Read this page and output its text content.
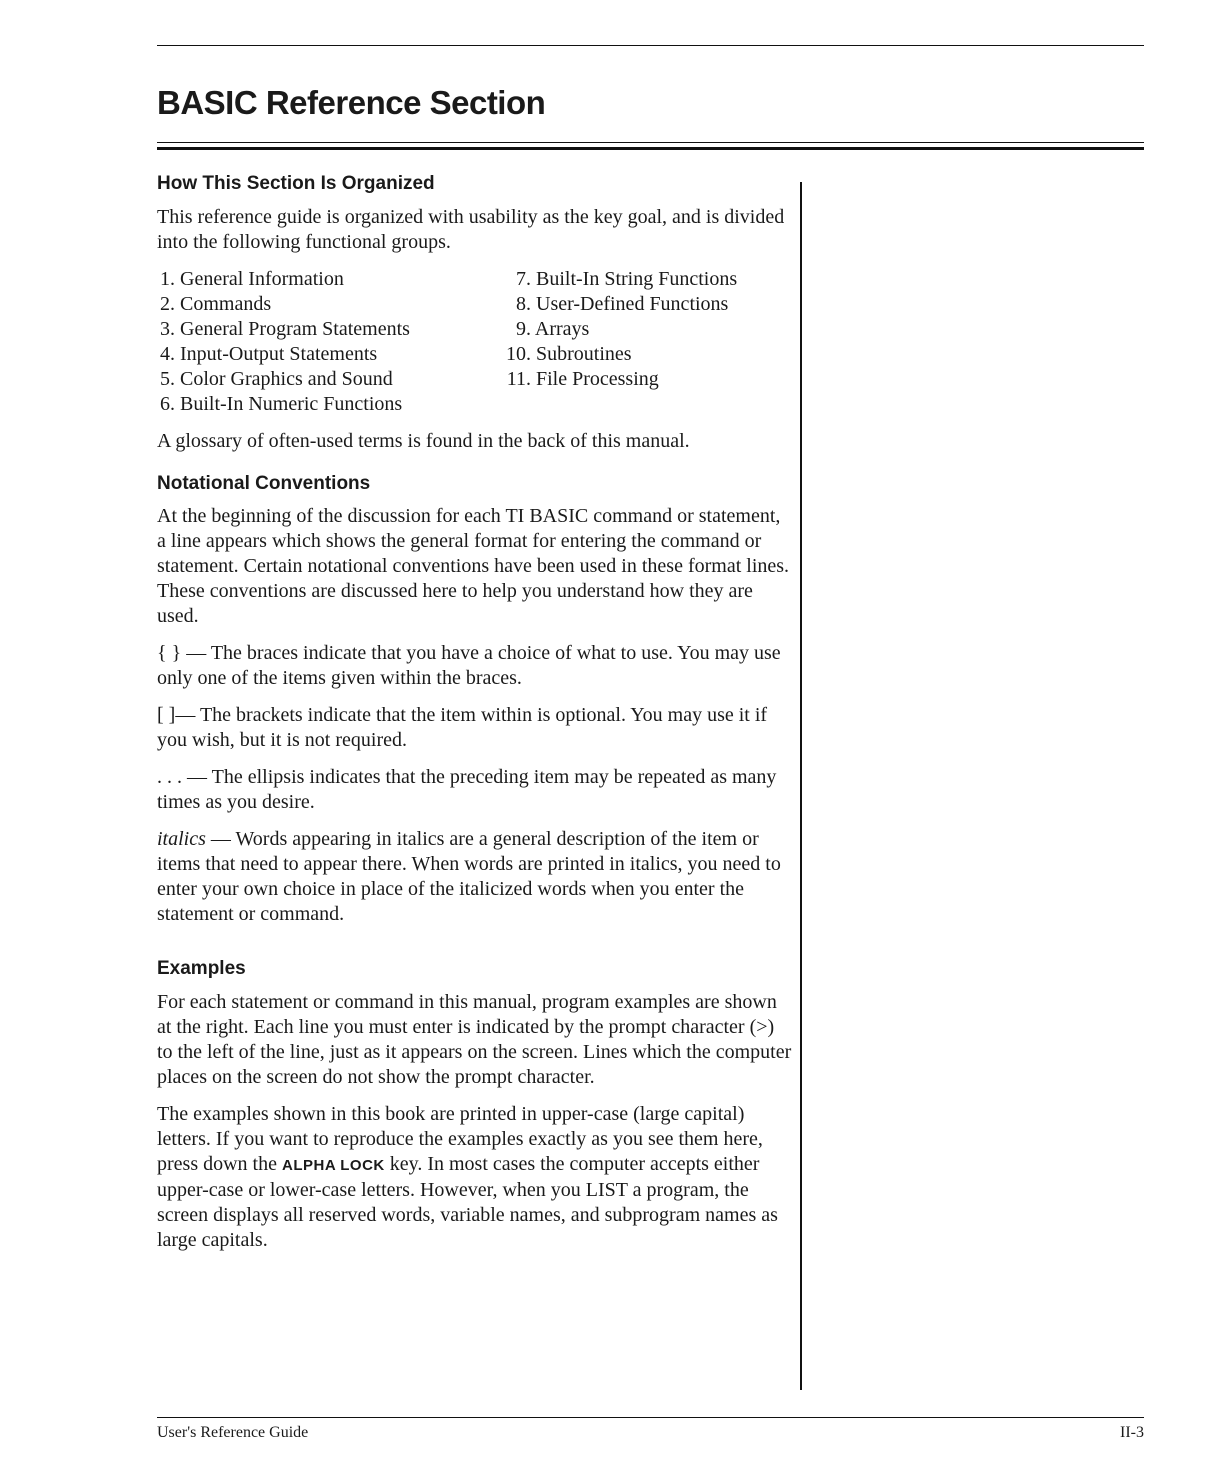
BASIC Reference Section
How This Section Is Organized

This reference guide is organized with usability as the key goal, and is divided into the following functional groups.

1. General Information
2. Commands
3. General Program Statements
4. Input-Output Statements
5. Color Graphics and Sound
6. Built-In Numeric Functions
7. Built-In String Functions
8. User-Defined Functions
9. Arrays
10. Subroutines
11. File Processing

A glossary of often-used terms is found in the back of this manual.

Notational Conventions

At the beginning of the discussion for each TI BASIC command or statement, a line appears which shows the general format for entering the command or statement. Certain notational conventions have been used in these format lines. These conventions are discussed here to help you understand how they are used.

{ } — The braces indicate that you have a choice of what to use. You may use only one of the items given within the braces.

[ ]— The brackets indicate that the item within is optional. You may use it if you wish, but it is not required.

. . . — The ellipsis indicates that the preceding item may be repeated as many times as you desire.

italics — Words appearing in italics are a general description of the item or items that need to appear there. When words are printed in italics, you need to enter your own choice in place of the italicized words when you enter the statement or command.

Examples

For each statement or command in this manual, program examples are shown at the right. Each line you must enter is indicated by the prompt character (>) to the left of the line, just as it appears on the screen. Lines which the computer places on the screen do not show the prompt character.

The examples shown in this book are printed in upper-case (large capital) letters. If you want to reproduce the examples exactly as you see them here, press down the ALPHA LOCK key. In most cases the computer accepts either upper-case or lower-case letters. However, when you LIST a program, the screen displays all reserved words, variable names, and subprogram names as large capitals.

User's Reference Guide	II-3
